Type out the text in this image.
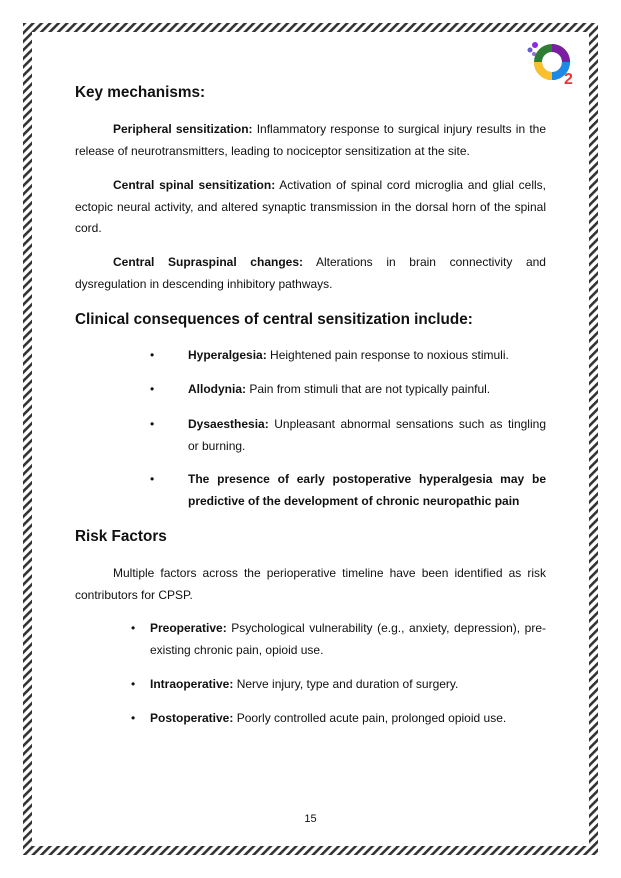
2
Key mechanisms:

Peripheral sensitization: Inflammatory response to surgical injury results in the release of neurotransmitters, leading to nociceptor sensitization at the site.

Central spinal sensitization: Activation of spinal cord microglia and glial cells, ectopic neural activity, and altered synaptic transmission in the dorsal horn of the spinal cord.

Central Supraspinal changes: Alterations in brain connectivity and dysregulation in descending inhibitory pathways.

Clinical consequences of central sensitization include:
•	Hyperalgesia: Heightened pain response to noxious stimuli.

•	Allodynia: Pain from stimuli that are not typically painful.

•	Dysaesthesia: Unpleasant abnormal sensations such as tingling or burning.

•	The presence of early postoperative hyperalgesia may be predictive of the development of chronic neuropathic pain

Risk Factors

Multiple factors across the perioperative timeline have been identified as risk contributors for CPSP.

• Preoperative: Psychological vulnerability (e.g., anxiety, depression), pre-existing chronic pain, opioid use.

• Intraoperative: Nerve injury, type and duration of surgery.

• Postoperative: Poorly controlled acute pain, prolonged opioid use.

15
